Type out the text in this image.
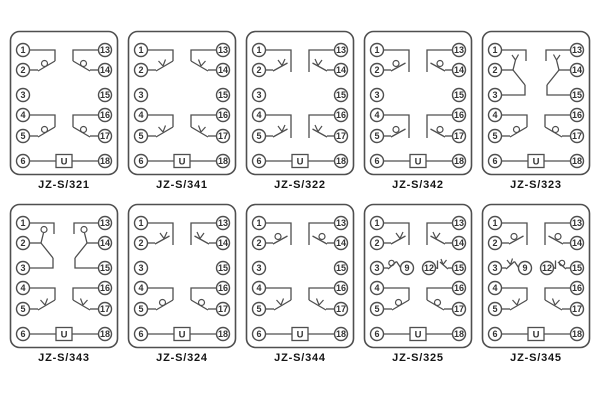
U
1
2
3
4
5
6
13
14
15
16
17
18
JZ-S/321
U
1
2
3
4
5
6
13
14
15
16
17
18
JZ-S/341
U
1
2
3
4
5
6
13
14
15
16
17
18
JZ-S/322
U
1
2
3
4
5
6
13
14
15
16
17
18
JZ-S/342
U
1
2
3
4
5
6
13
14
15
16
17
18
JZ-S/323
U
1
2
3
4
5
6
13
14
15
16
17
18
JZ-S/343
U
1
2
3
4
5
6
13
14
15
16
17
18
JZ-S/324
U
1
2
3
4
5
6
13
14
15
16
17
18
JZ-S/344
U
1
2
3
4
5
6
13
14
15
16
17
18
9 12
JZ-S/325
U
1
2
3
4
5
6
13
14
15
16
17
18
9 12
JZ-S/345
